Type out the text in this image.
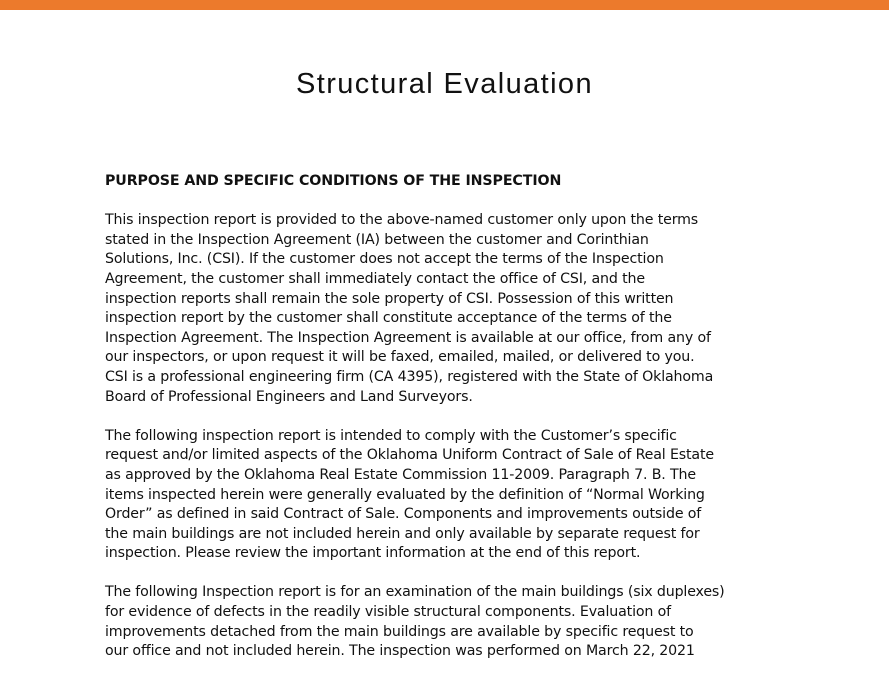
Structural Evaluation

PURPOSE AND SPECIFIC CONDITIONS OF THE INSPECTION

This inspection report is provided to the above-named customer only upon the terms
stated in the Inspection Agreement (IA) between the customer and Corinthian
Solutions, Inc. (CSI). If the customer does not accept the terms of the Inspection
Agreement, the customer shall immediately contact the office of CSI, and the
inspection reports shall remain the sole property of CSI. Possession of this written
inspection report by the customer shall constitute acceptance of the terms of the
Inspection Agreement. The Inspection Agreement is available at our office, from any of
our inspectors, or upon request it will be faxed, emailed, mailed, or delivered to you.
CSI is a professional engineering firm (CA 4395), registered with the State of Oklahoma
Board of Professional Engineers and Land Surveyors.

The following inspection report is intended to comply with the Customer’s specific
request and/or limited aspects of the Oklahoma Uniform Contract of Sale of Real Estate
as approved by the Oklahoma Real Estate Commission 11-2009. Paragraph 7. B. The
items inspected herein were generally evaluated by the definition of “Normal Working
Order” as defined in said Contract of Sale. Components and improvements outside of
the main buildings are not included herein and only available by separate request for
inspection. Please review the important information at the end of this report.

The following Inspection report is for an examination of the main buildings (six duplexes)
for evidence of defects in the readily visible structural components. Evaluation of
improvements detached from the main buildings are available by specific request to
our office and not included herein. The inspection was performed on March 22, 2021
